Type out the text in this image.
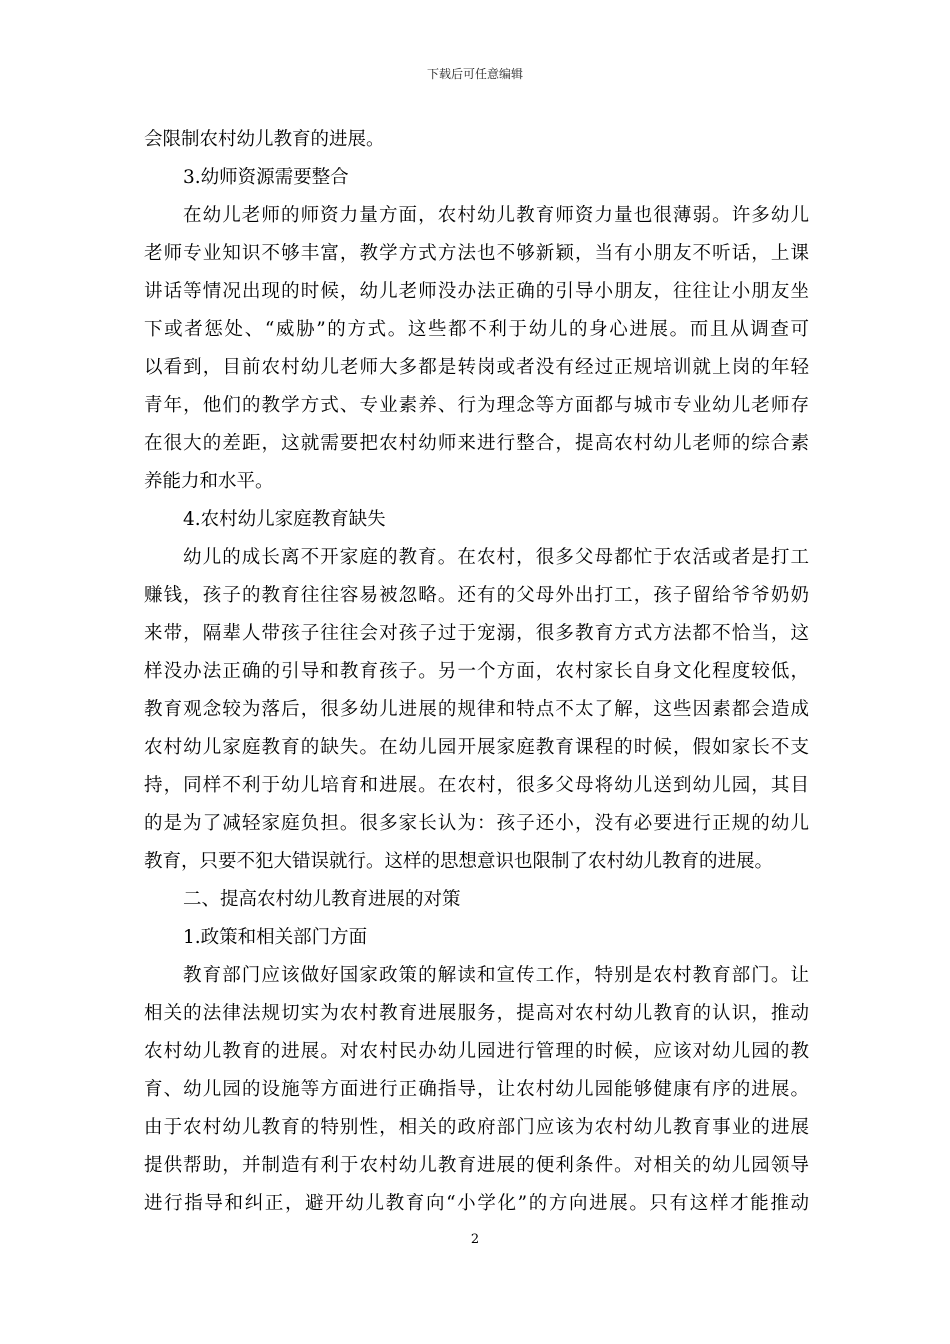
下载后可任意编辑
会限制农村幼儿教育的进展。
3.幼师资源需要整合
在幼儿老师的师资力量方面，农村幼儿教育师资力量也很薄弱。许多幼儿
老师专业知识不够丰富，教学方式方法也不够新颖，当有小朋友不听话，上课
讲话等情况出现的时候，幼儿老师没办法正确的引导小朋友，往往让小朋友坐
下或者惩处、“威胁”的方式。这些都不利于幼儿的身心进展。而且从调查可
以看到，目前农村幼儿老师大多都是转岗或者没有经过正规培训就上岗的年轻
青年，他们的教学方式、专业素养、行为理念等方面都与城市专业幼儿老师存
在很大的差距，这就需要把农村幼师来进行整合，提高农村幼儿老师的综合素
养能力和水平。
4.农村幼儿家庭教育缺失
幼儿的成长离不开家庭的教育。在农村，很多父母都忙于农活或者是打工
赚钱，孩子的教育往往容易被忽略。还有的父母外出打工，孩子留给爷爷奶奶
来带，隔辈人带孩子往往会对孩子过于宠溺，很多教育方式方法都不恰当，这
样没办法正确的引导和教育孩子。另一个方面，农村家长自身文化程度较低，
教育观念较为落后，很多幼儿进展的规律和特点不太了解，这些因素都会造成
农村幼儿家庭教育的缺失。在幼儿园开展家庭教育课程的时候，假如家长不支
持，同样不利于幼儿培育和进展。在农村，很多父母将幼儿送到幼儿园，其目
的是为了减轻家庭负担。很多家长认为：孩子还小，没有必要进行正规的幼儿
教育，只要不犯大错误就行。这样的思想意识也限制了农村幼儿教育的进展。
二、提高农村幼儿教育进展的对策
1.政策和相关部门方面
教育部门应该做好国家政策的解读和宣传工作，特别是农村教育部门。让
相关的法律法规切实为农村教育进展服务，提高对农村幼儿教育的认识，推动
农村幼儿教育的进展。对农村民办幼儿园进行管理的时候，应该对幼儿园的教
育、幼儿园的设施等方面进行正确指导，让农村幼儿园能够健康有序的进展。
由于农村幼儿教育的特别性，相关的政府部门应该为农村幼儿教育事业的进展
提供帮助，并制造有利于农村幼儿教育进展的便利条件。对相关的幼儿园领导
进行指导和纠正，避开幼儿教育向“小学化”的方向进展。只有这样才能推动
2
